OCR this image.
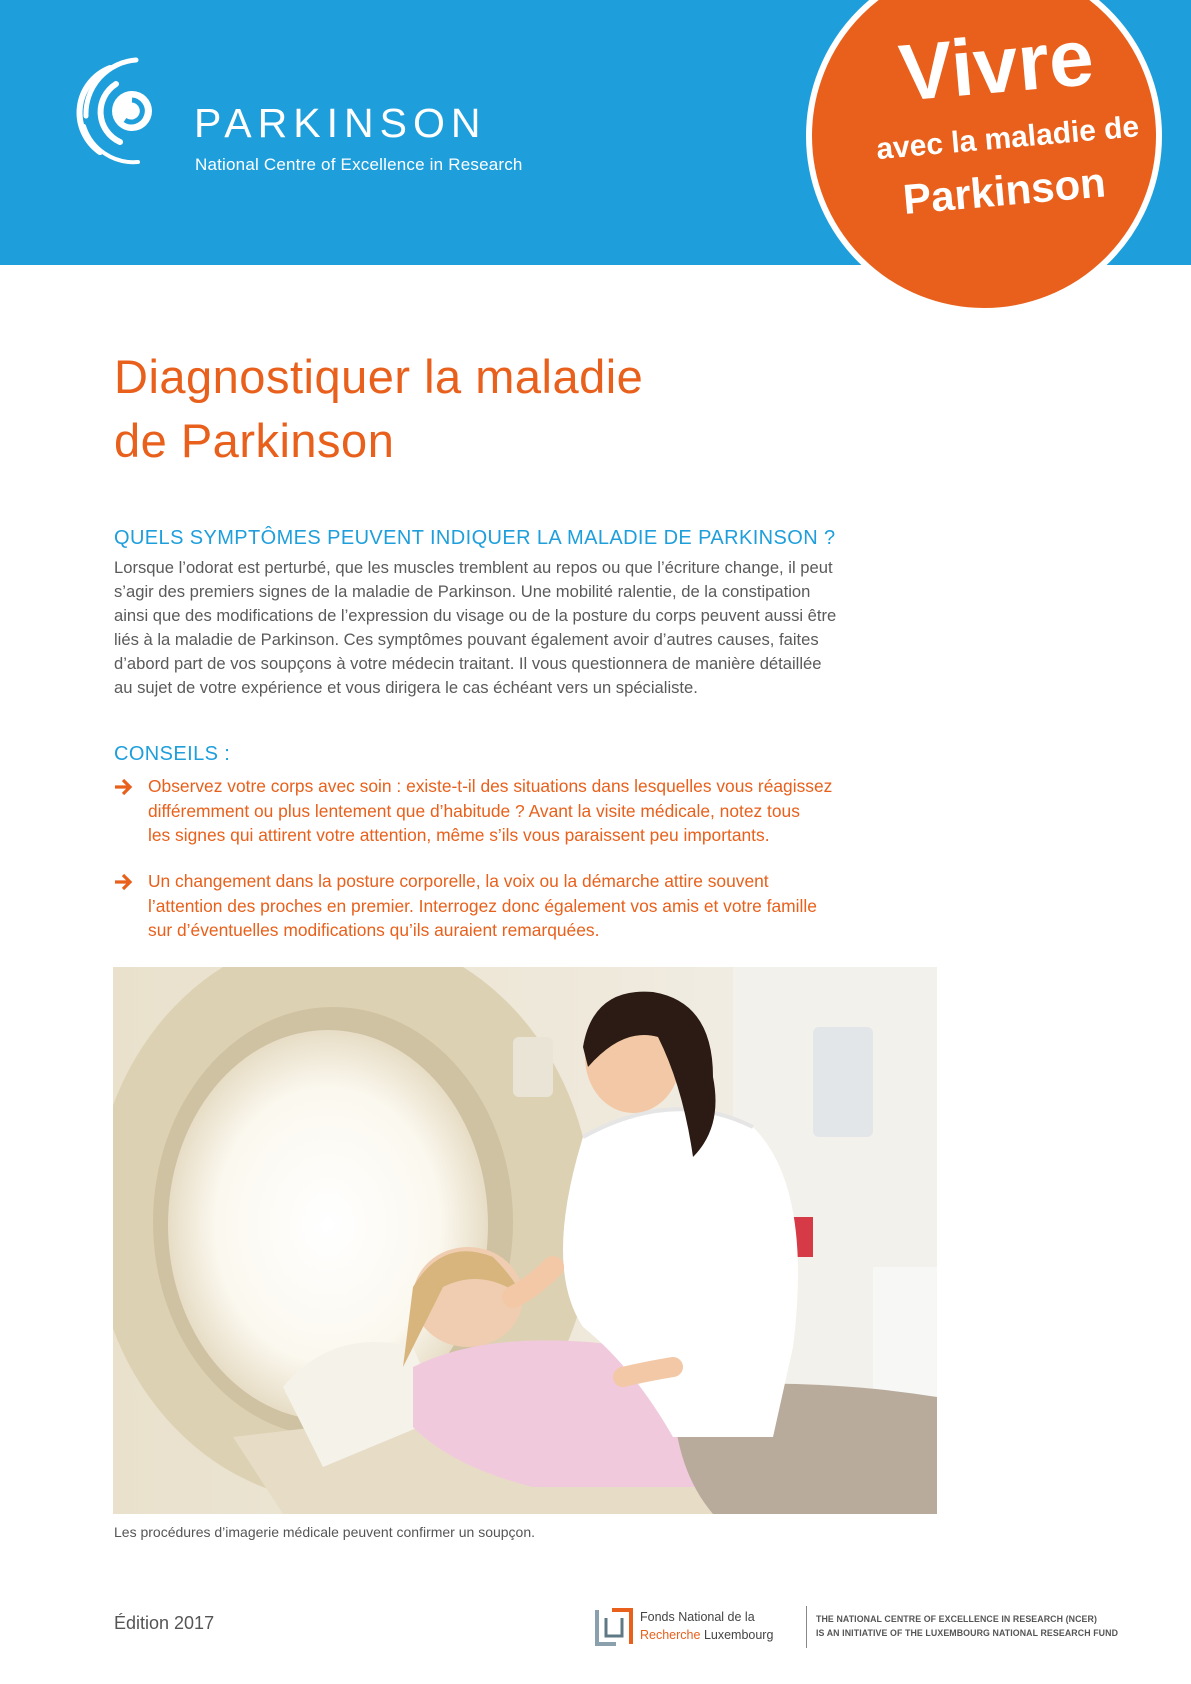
PARKINSON
National Centre of Excellence in Research
Vivre
avec la maladie de
Parkinson
Diagnostiquer la maladie
de Parkinson
QUELS SYMPTÔMES PEUVENT INDIQUER LA MALADIE DE PARKINSON ?
Lorsque l’odorat est perturbé, que les muscles tremblent au repos ou que l’écriture change, il peut
s’agir des premiers signes de la maladie de Parkinson. Une mobilité ralentie, de la constipation
ainsi que des modifications de l’expression du visage ou de la posture du corps peuvent aussi être
liés à la maladie de Parkinson. Ces symptômes pouvant également avoir d’autres causes, faites
d’abord part de vos soupçons à votre médecin traitant. Il vous questionnera de manière détaillée
au sujet de votre expérience et vous dirigera le cas échéant vers un spécialiste.
CONSEILS :
Observez votre corps avec soin : existe-t-il des situations dans lesquelles vous réagissez
différemment ou plus lentement que d’habitude ? Avant la visite médicale, notez tous
les signes qui attirent votre attention, même s’ils vous paraissent peu importants.
Un changement dans la posture corporelle, la voix ou la démarche attire souvent
l’attention des proches en premier. Interrogez donc également vos amis et votre famille
sur d’éventuelles modifications qu’ils auraient remarquées.
Les procédures d’imagerie médicale peuvent confirmer un soupçon.
Édition 2017	Fonds National de la
Recherche Luxembourg
THE NATIONAL CENTRE OF EXCELLENCE IN RESEARCH (NCER)
IS AN INITIATIVE OF THE LUXEMBOURG NATIONAL RESEARCH FUND
